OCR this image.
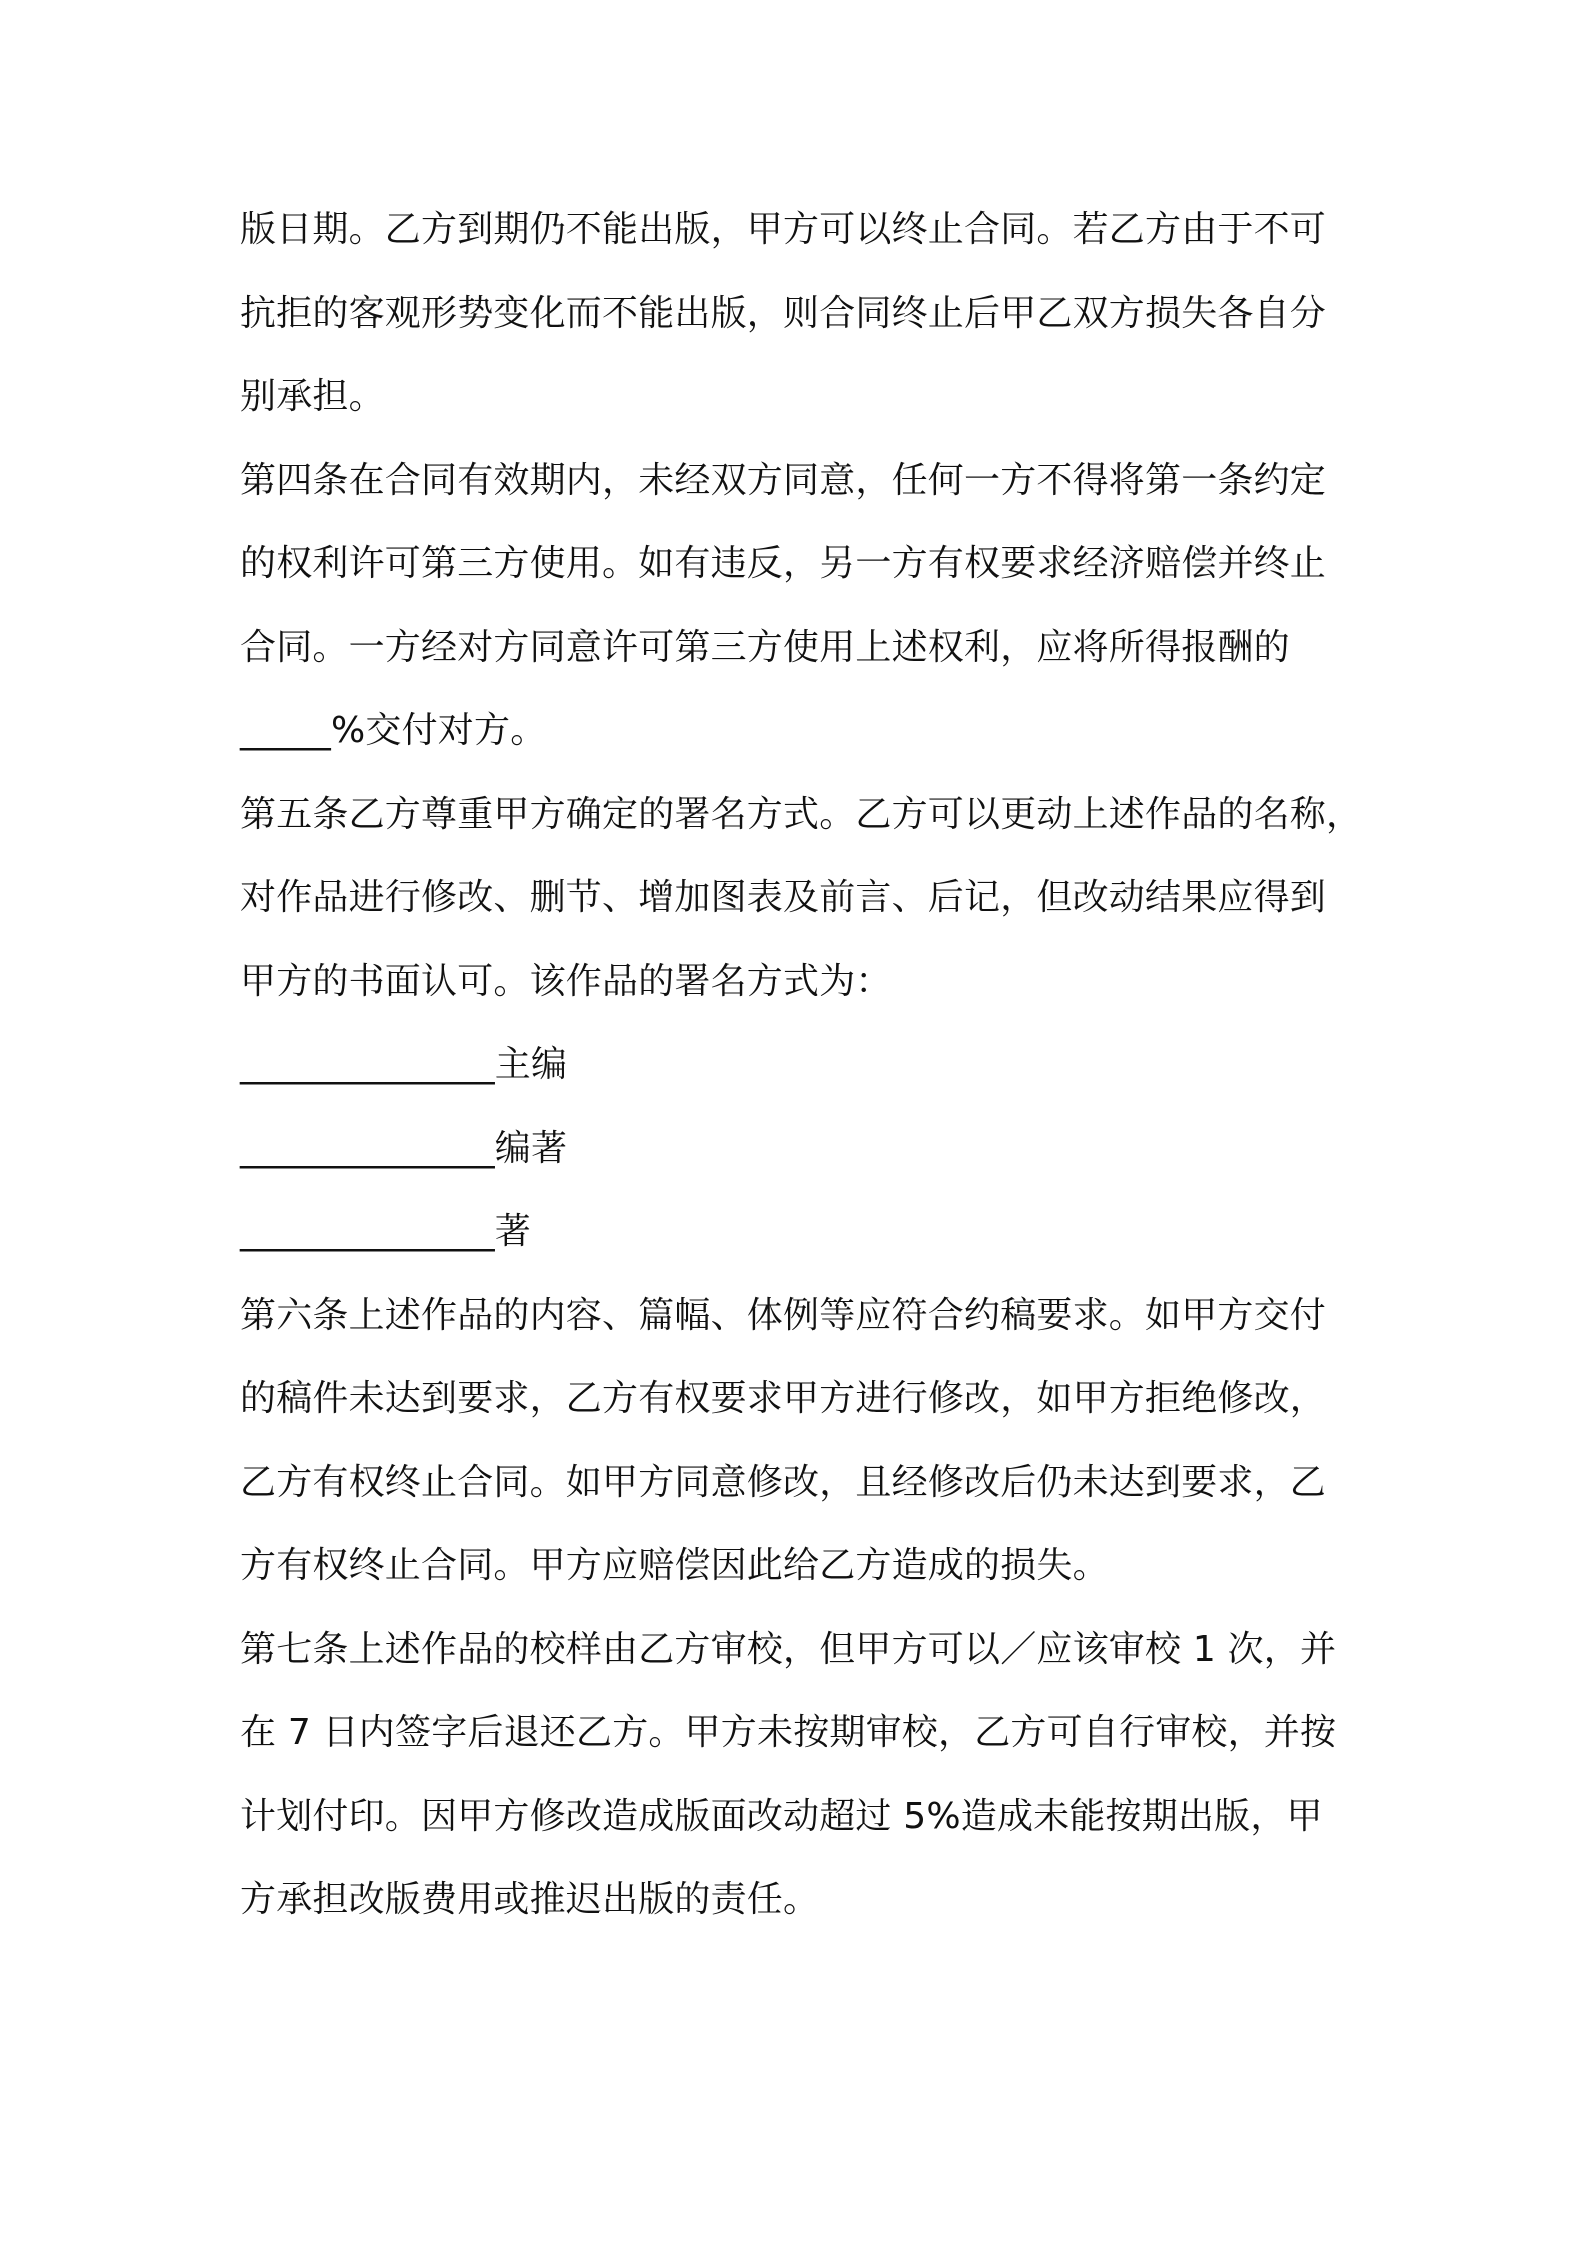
版日期。乙方到期仍不能出版，甲方可以终止合同。若乙方由于不可
抗拒的客观形势变化而不能出版，则合同终止后甲乙双方损失各自分
别承担。
第四条在合同有效期内，未经双方同意，任何一方不得将第一条约定
的权利许可第三方使用。如有违反，另一方有权要求经济赔偿并终止
合同。一方经对方同意许可第三方使用上述权利，应将所得报酬的
_____%交付对方。
第五条乙方尊重甲方确定的署名方式。乙方可以更动上述作品的名称，
对作品进行修改、删节、增加图表及前言、后记，但改动结果应得到
甲方的书面认可。该作品的署名方式为：
______________主编
______________编著
______________著
第六条上述作品的内容、篇幅、体例等应符合约稿要求。如甲方交付
的稿件未达到要求，乙方有权要求甲方进行修改，如甲方拒绝修改，
乙方有权终止合同。如甲方同意修改，且经修改后仍未达到要求，乙
方有权终止合同。甲方应赔偿因此给乙方造成的损失。
第七条上述作品的校样由乙方审校，但甲方可以／应该审校 1 次，并
在 7 日内签字后退还乙方。甲方未按期审校，乙方可自行审校，并按
计划付印。因甲方修改造成版面改动超过 5%造成未能按期出版，甲
方承担改版费用或推迟出版的责任。
